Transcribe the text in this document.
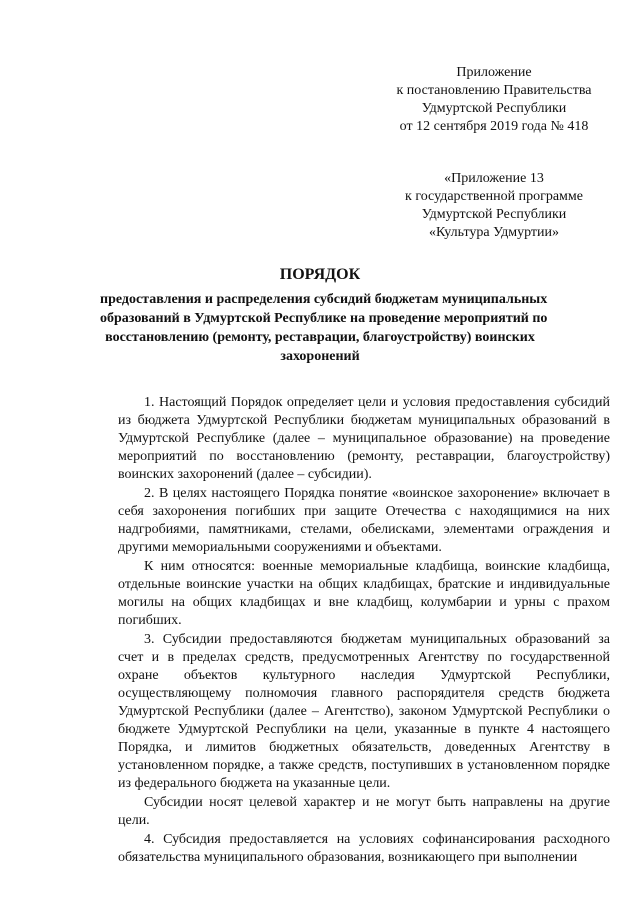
Приложение
к постановлению Правительства
Удмуртской Республики
от 12 сентября 2019 года № 418
«Приложение 13
к государственной программе
Удмуртской Республики
«Культура Удмуртии»
ПОРЯДОК
предоставления и распределения субсидий бюджетам муниципальных
образований в Удмуртской Республике на проведение мероприятий по
восстановлению (ремонту, реставрации, благоустройству) воинских
захоронений

1. Настоящий Порядок определяет цели и условия предоставления субсидий из бюджета Удмуртской Республики бюджетам муниципальных образований в Удмуртской Республике (далее – муниципальное образование) на проведение мероприятий по восстановлению (ремонту, реставрации, благоустройству) воинских захоронений (далее – субсидии).

2. В целях настоящего Порядка понятие «воинское захоронение» включает в себя захоронения погибших при защите Отечества с находящимися на них надгробиями, памятниками, стелами, обелисками, элементами ограждения и другими мемориальными сооружениями и объектами.

К ним относятся: военные мемориальные кладбища, воинские кладбища, отдельные воинские участки на общих кладбищах, братские и индивидуальные могилы на общих кладбищах и вне кладбищ, колумбарии и урны с прахом погибших.

3. Субсидии предоставляются бюджетам муниципальных образований за счет и в пределах средств, предусмотренных Агентству по государственной охране объектов культурного наследия Удмуртской Республики, осуществляющему полномочия главного распорядителя средств бюджета Удмуртской Республики (далее – Агентство), законом Удмуртской Республики о бюджете Удмуртской Республики на цели, указанные в пункте 4 настоящего Порядка, и лимитов бюджетных обязательств, доведенных Агентству в установленном порядке, а также средств, поступивших в установленном порядке из федерального бюджета на указанные цели.

Субсидии носят целевой характер и не могут быть направлены на другие цели.

4. Субсидия предоставляется на условиях софинансирования расходного обязательства муниципального образования, возникающего при выполнении
